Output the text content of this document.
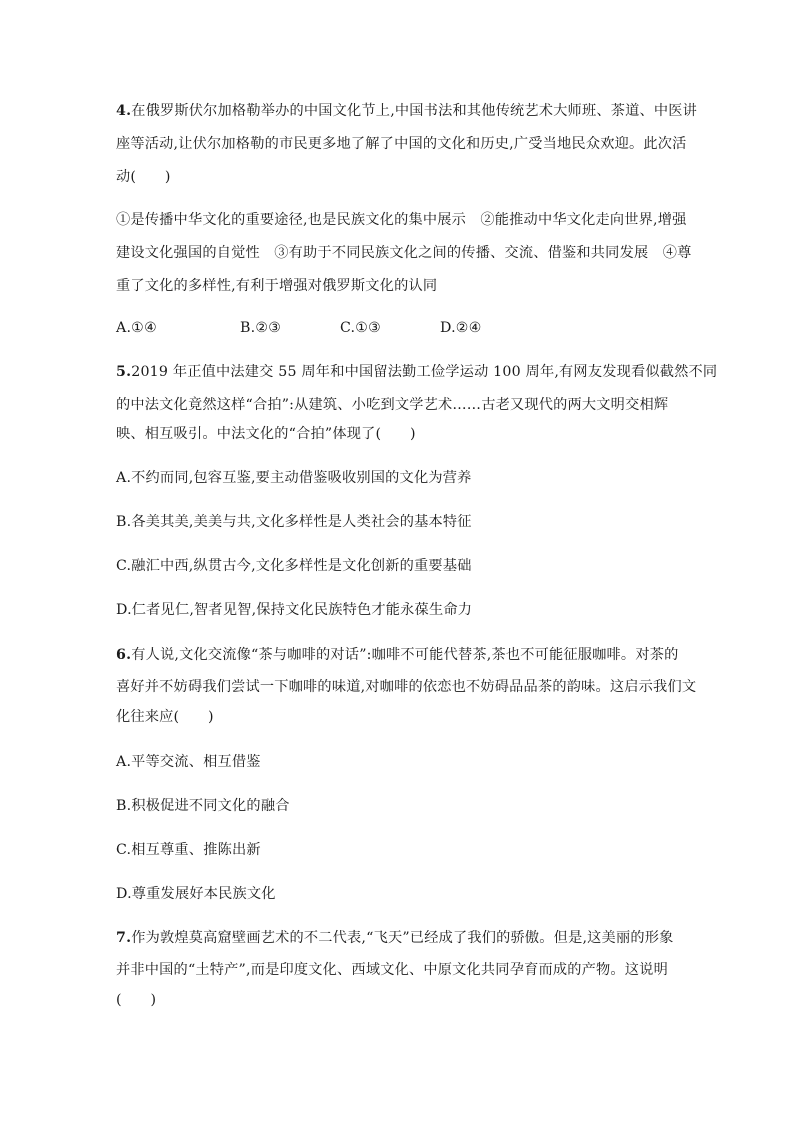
4.在俄罗斯伏尔加格勒举办的中国文化节上,中国书法和其他传统艺术大师班、茶道、中医讲
座等活动,让伏尔加格勒的市民更多地了解了中国的文化和历史,广受当地民众欢迎。此次活
动(　　)
①是传播中华文化的重要途径,也是民族文化的集中展示　②能推动中华文化走向世界,增强
建设文化强国的自觉性　③有助于不同民族文化之间的传播、交流、借鉴和共同发展　④尊
重了文化的多样性,有利于增强对俄罗斯文化的认同
A.①④	B.②③	C.①③	D.②④
5.2019 年正值中法建交 55 周年和中国留法勤工俭学运动 100 周年,有网友发现看似截然不同
的中法文化竟然这样“合拍”:从建筑、小吃到文学艺术……古老又现代的两大文明交相辉
映、相互吸引。中法文化的“合拍”体现了(　　)
A.不约而同,包容互鉴,要主动借鉴吸收别国的文化为营养
B.各美其美,美美与共,文化多样性是人类社会的基本特征
C.融汇中西,纵贯古今,文化多样性是文化创新的重要基础
D.仁者见仁,智者见智,保持文化民族特色才能永葆生命力
6.有人说,文化交流像“茶与咖啡的对话”:咖啡不可能代替茶,茶也不可能征服咖啡。对茶的
喜好并不妨碍我们尝试一下咖啡的味道,对咖啡的依恋也不妨碍品品茶的韵味。这启示我们文
化往来应(　　)
A.平等交流、相互借鉴
B.积极促进不同文化的融合
C.相互尊重、推陈出新
D.尊重发展好本民族文化
7.作为敦煌莫高窟壁画艺术的不二代表,“飞天”已经成了我们的骄傲。但是,这美丽的形象
并非中国的“土特产”,而是印度文化、西域文化、中原文化共同孕育而成的产物。这说明
(　　)
